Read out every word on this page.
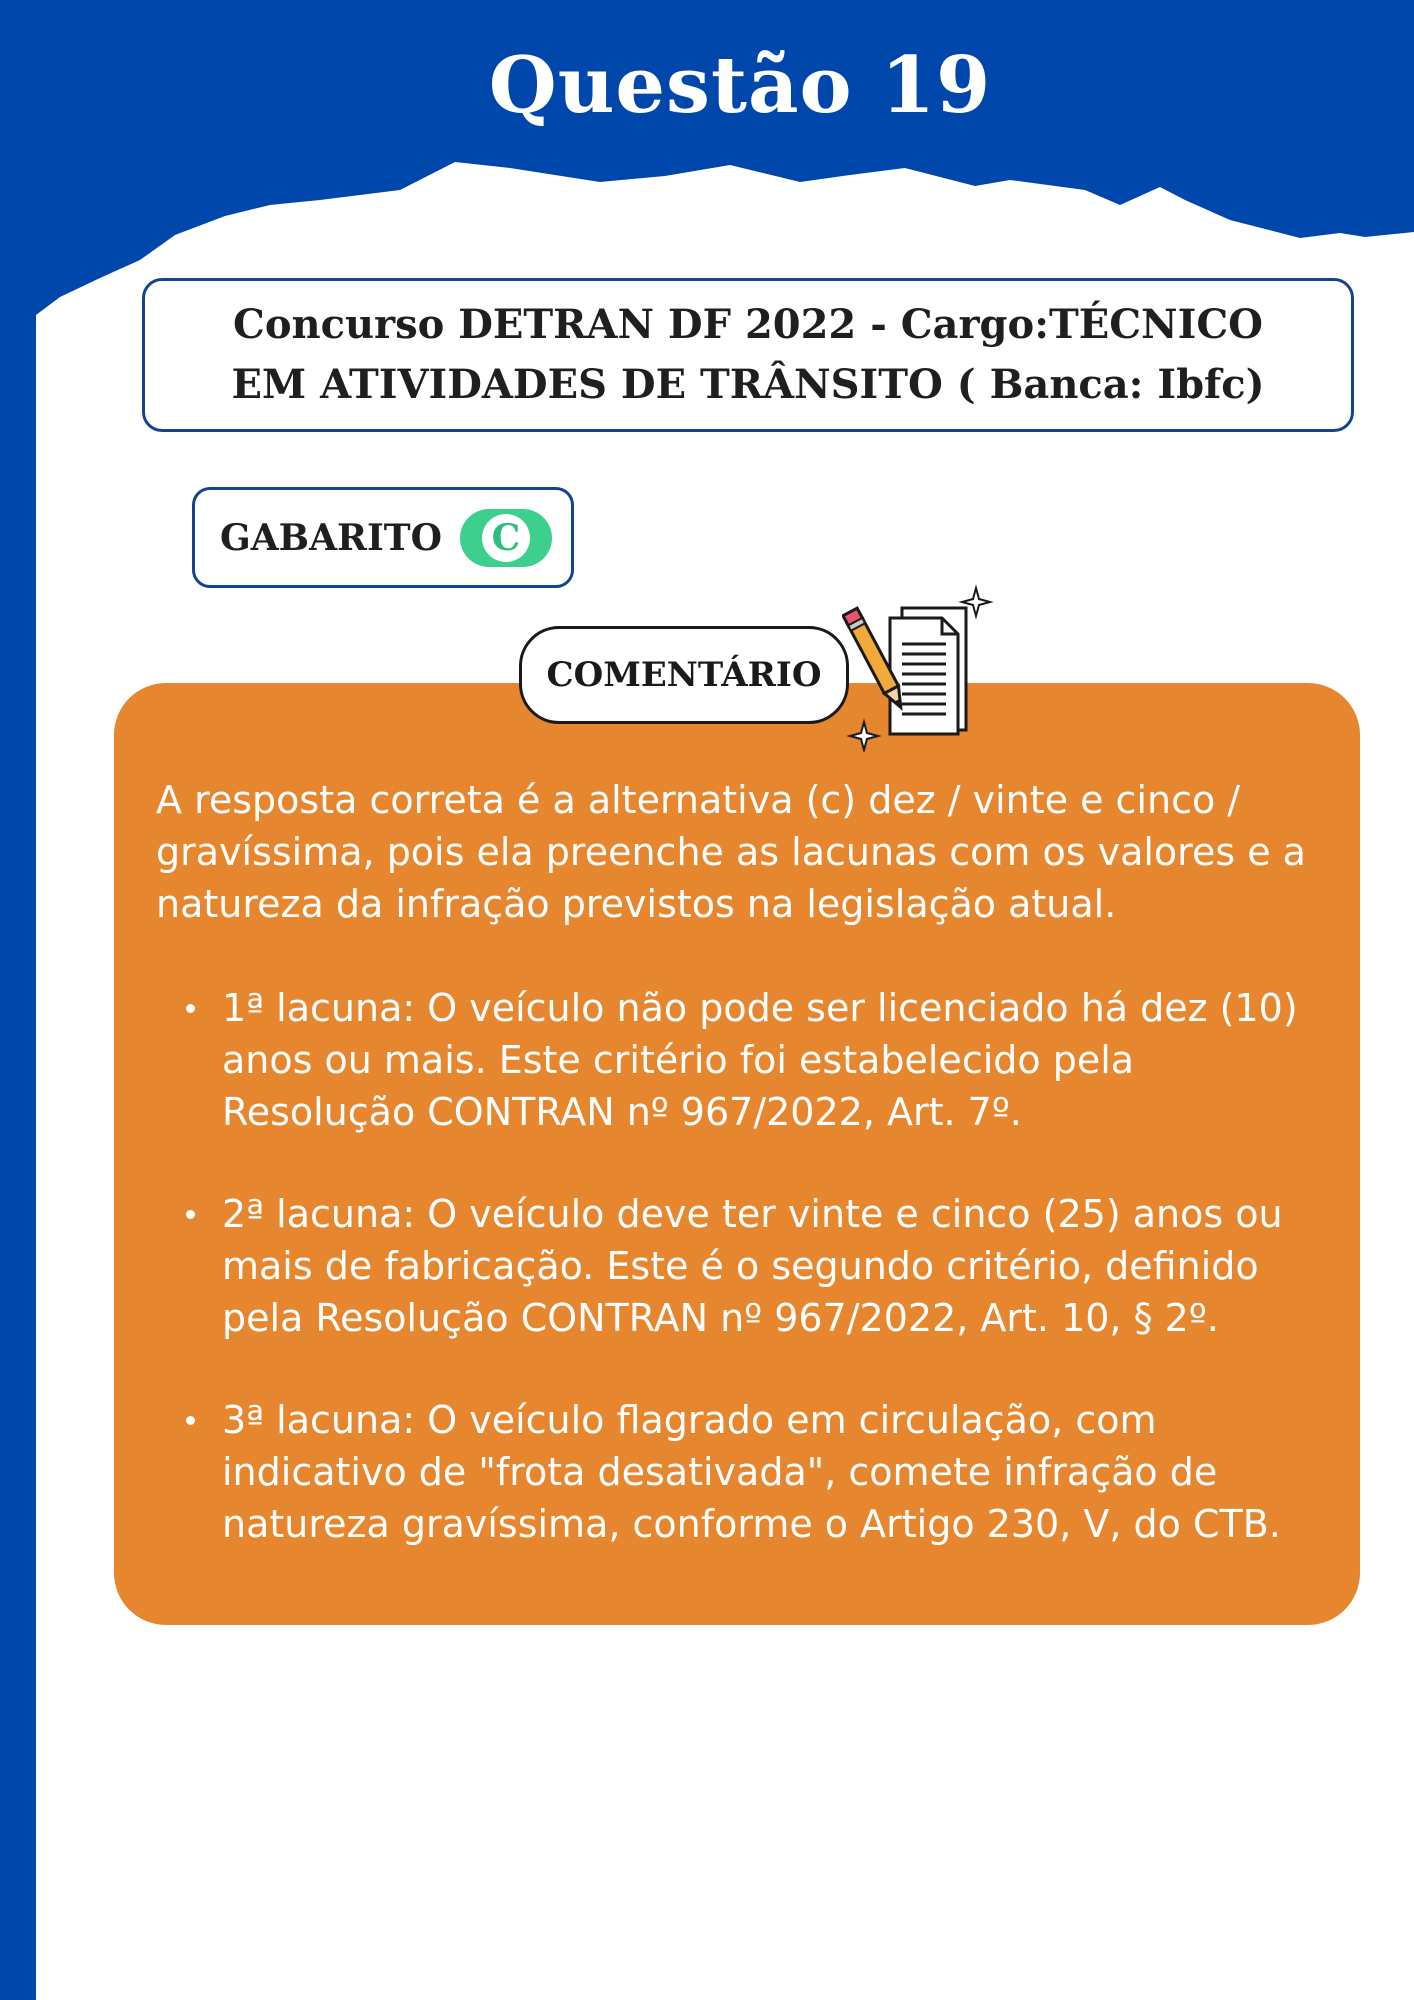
Questão 19
Concurso DETRAN DF 2022 - Cargo:TÉCNICO
EM ATIVIDADES DE TRÂNSITO ( Banca: Ibfc)
GABARITO C
COMENTÁRIO

A resposta correta é a alternativa (c) dez / vinte e cinco / gravíssima, pois ela preenche as lacunas com os valores e a natureza da infração previstos na legislação atual.

1ª lacuna: O veículo não pode ser licenciado há dez (10) anos ou mais. Este critério foi estabelecido pela Resolução CONTRAN nº 967/2022, Art. 7º.
2ª lacuna: O veículo deve ter vinte e cinco (25) anos ou mais de fabricação. Este é o segundo critério, definido pela Resolução CONTRAN nº 967/2022, Art. 10, § 2º.
3ª lacuna: O veículo flagrado em circulação, com indicativo de "frota desativada", comete infração de natureza gravíssima, conforme o Artigo 230, V, do CTB.
